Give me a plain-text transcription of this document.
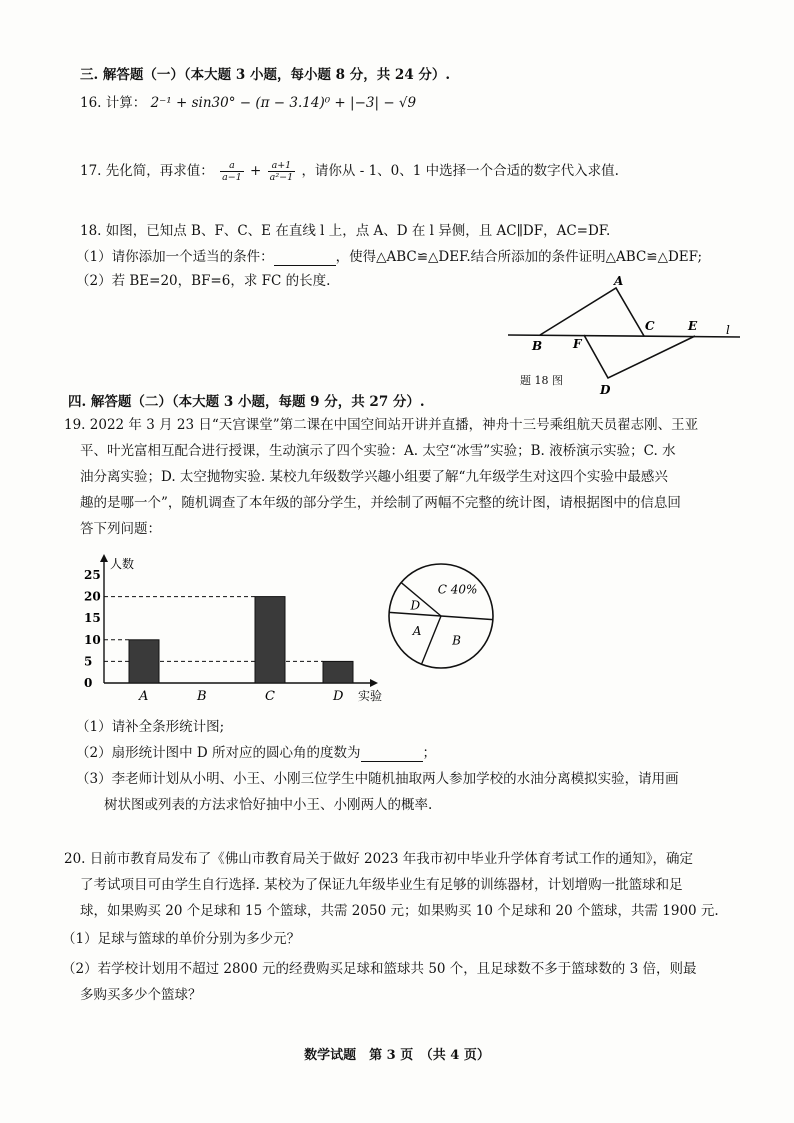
三. 解答题（一）（本大题 3 小题，每小题 8 分，共 24 分）.
16. 计算： 2⁻¹ + sin30° − (π − 3.14)⁰ + |−3| − √9
17. 先化简，再求值： $\frac{a}{a-1} + \frac{a+1}{\text{a²−1}}$ ，请你从 - 1、0、1 中选择一个合适的数字代入求值.
18. 如图，已知点 B、F、C、E 在直线 l 上，点 A、D 在 l 异侧，且 AC∥DF，AC=DF.
（1）请你添加一个适当的条件：	，使得△ABC≌△DEF.结合所添加的条件证明△ABC≌△DEF;
（2）若 BE=20，BF=6，求 FC 的长度.	A
B	F
C	E l
D
题 18 图
四. 解答题（二）（本大题 3 小题，每题 9 分，共 27 分）.
19. 2022 年 3 月 23 日“天宫课堂”第二课在中国空间站开讲并直播，神舟十三号乘组航天员翟志刚、王亚
平、叶光富相互配合进行授课，生动演示了四个实验：A. 太空“冰雪”实验；B. 液桥演示实验；C. 水
油分离实验；D. 太空抛物实验. 某校九年级数学兴趣小组要了解“九年级学生对这四个实验中最感兴
趣的是哪一个”，随机调查了本年级的部分学生，并绘制了两幅不完整的统计图，请根据图中的信息回
答下列问题：
人数
实验
0
5
10
15
20
25
A	B	C	D
C 40%
B
A
D
（1）请补全条形统计图;
（2）扇形统计图中 D 所对应的圆心角的度数为	；
（3）李老师计划从小明、小王、小刚三位学生中随机抽取两人参加学校的水油分离模拟实验，请用画
树状图或列表的方法求恰好抽中小王、小刚两人的概率.
20. 日前市教育局发布了《佛山市教育局关于做好 2023 年我市初中毕业升学体育考试工作的通知》，确定
了考试项目可由学生自行选择. 某校为了保证九年级毕业生有足够的训练器材，计划增购一批篮球和足
球，如果购买 20 个足球和 15 个篮球，共需 2050 元；如果购买 10 个足球和 20 个篮球，共需 1900 元.
（1）足球与篮球的单价分别为多少元？
（2）若学校计划用不超过 2800 元的经费购买足球和篮球共 50 个，且足球数不多于篮球数的 3 倍，则最
多购买多少个篮球？
数学试题　第 3 页　（共 4 页）
